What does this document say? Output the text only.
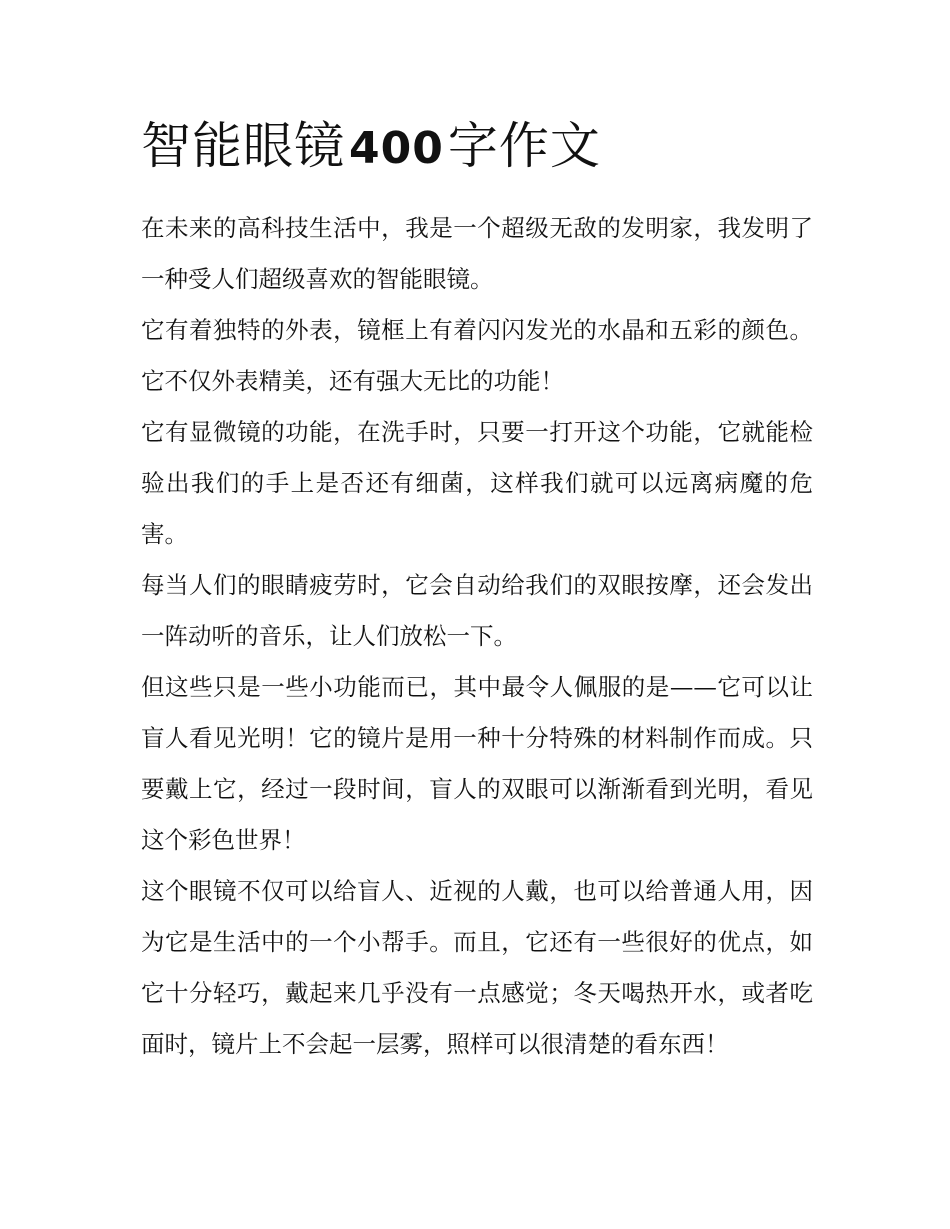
智能眼镜400字作文

在未来的高科技生活中，我是一个超级无敌的发明家，我发明了一种受人们超级喜欢的智能眼镜。

它有着独特的外表，镜框上有着闪闪发光的水晶和五彩的颜色。它不仅外表精美，还有强大无比的功能！

它有显微镜的功能，在洗手时，只要一打开这个功能，它就能检验出我们的手上是否还有细菌，这样我们就可以远离病魔的危害。

每当人们的眼睛疲劳时，它会自动给我们的双眼按摩，还会发出一阵动听的音乐，让人们放松一下。

但这些只是一些小功能而已，其中最令人佩服的是——它可以让盲人看见光明！它的镜片是用一种十分特殊的材料制作而成。只要戴上它，经过一段时间，盲人的双眼可以渐渐看到光明，看见这个彩色世界！

这个眼镜不仅可以给盲人、近视的人戴，也可以给普通人用，因为它是生活中的一个小帮手。而且，它还有一些很好的优点，如它十分轻巧，戴起来几乎没有一点感觉；冬天喝热开水，或者吃面时，镜片上不会起一层雾，照样可以很清楚的看东西！
